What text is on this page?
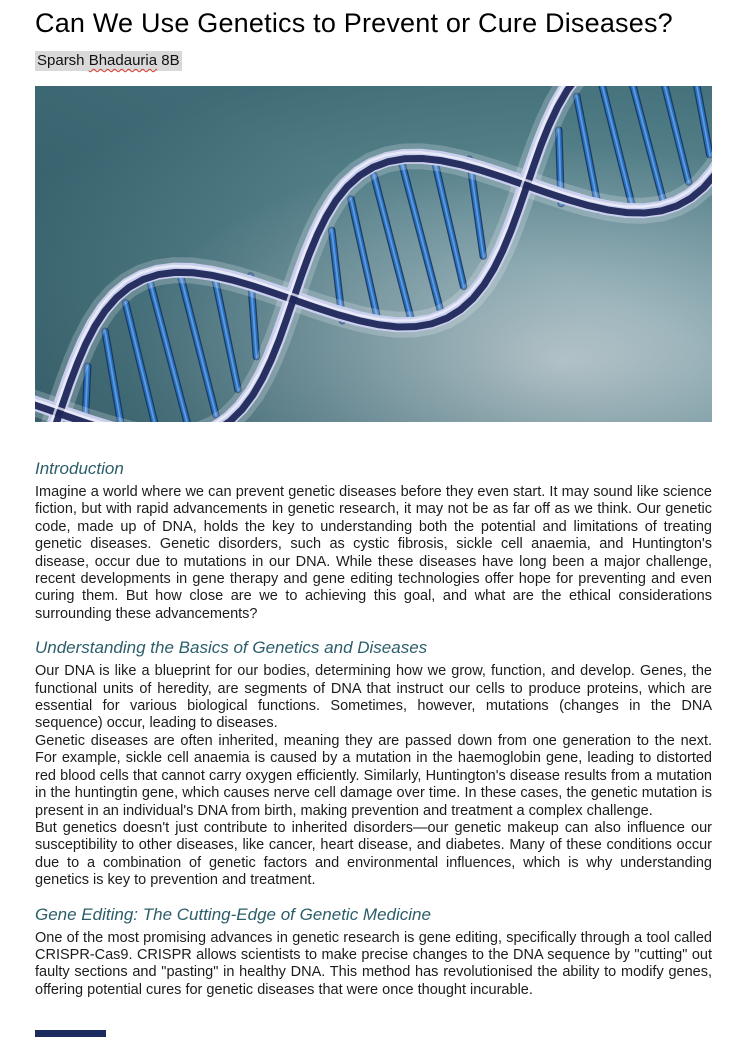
Can We Use Genetics to Prevent or Cure Diseases?
Sparsh Bhadauria 8B
Introduction

Imagine a world where we can prevent genetic diseases before they even start. It may sound like science fiction, but with rapid advancements in genetic research, it may not be as far off as we think. Our genetic code, made up of DNA, holds the key to understanding both the potential and limitations of treating genetic diseases. Genetic disorders, such as cystic fibrosis, sickle cell anaemia, and Huntington's disease, occur due to mutations in our DNA. While these diseases have long been a major challenge, recent developments in gene therapy and gene editing technologies offer hope for preventing and even curing them. But how close are we to achieving this goal, and what are the ethical considerations surrounding these advancements?

Understanding the Basics of Genetics and Diseases

Our DNA is like a blueprint for our bodies, determining how we grow, function, and develop. Genes, the functional units of heredity, are segments of DNA that instruct our cells to produce proteins, which are essential for various biological functions. Sometimes, however, mutations (changes in the DNA sequence) occur, leading to diseases.

Genetic diseases are often inherited, meaning they are passed down from one generation to the next. For example, sickle cell anaemia is caused by a mutation in the haemoglobin gene, leading to distorted red blood cells that cannot carry oxygen efficiently. Similarly, Huntington's disease results from a mutation in the huntingtin gene, which causes nerve cell damage over time. In these cases, the genetic mutation is present in an individual's DNA from birth, making prevention and treatment a complex challenge.

But genetics doesn't just contribute to inherited disorders—our genetic makeup can also influence our susceptibility to other diseases, like cancer, heart disease, and diabetes. Many of these conditions occur due to a combination of genetic factors and environmental influences, which is why understanding genetics is key to prevention and treatment.

Gene Editing: The Cutting-Edge of Genetic Medicine

One of the most promising advances in genetic research is gene editing, specifically through a tool called CRISPR-Cas9. CRISPR allows scientists to make precise changes to the DNA sequence by "cutting" out faulty sections and "pasting" in healthy DNA. This method has revolutionised the ability to modify genes, offering potential cures for genetic diseases that were once thought incurable.
